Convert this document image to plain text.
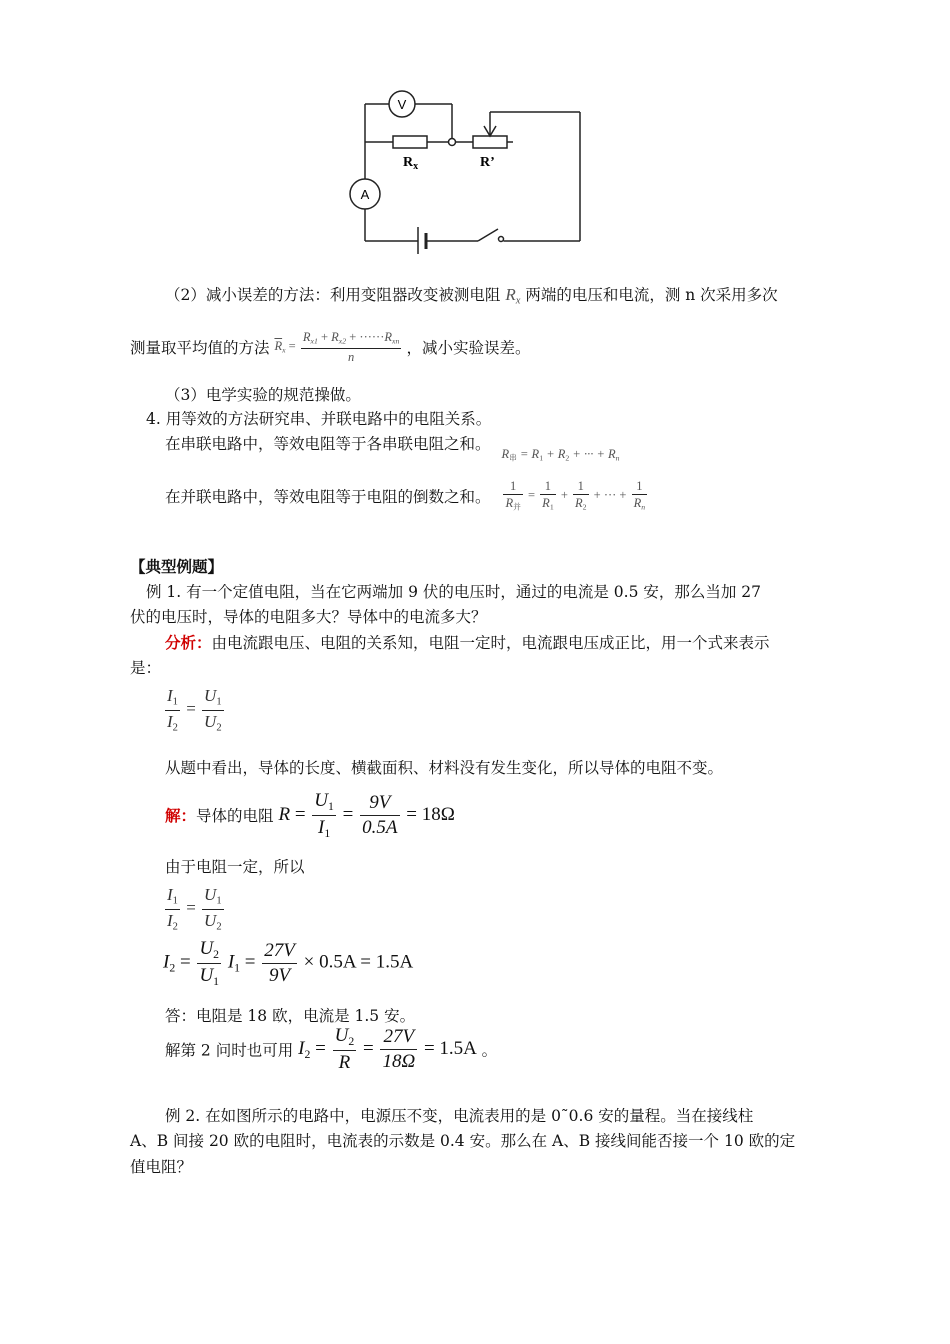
V
A
$R_x$	R’
（2）减小误差的方法：利用变阻器改变被测电阻 $R_x$ 两端的电压和电流，测 n 次采用多次
测量取平均值的方法 $\overline{R}_x = \frac{R_{x1} + R_{x2} + \cdot\cdot\cdot\cdot\cdot\cdot R_{xn}}{n}$ ，减小实验误差。
（3）电学实验的规范操做。
4. 用等效的方法研究串、并联电路中的电阻关系。
在串联电路中，等效电阻等于各串联电阻之和。 $_{R_串 = R_1 + R_2 + \cdot\cdot\cdot + R_n}$
在并联电路中，等效电阻等于电阻的倒数之和。 $\frac{1}{R_并} = \frac{1}{R_1} + \frac{1}{R_2}$ + ··· + $\frac{1}{R_n}$
【典型例题】
例 1. 有一个定值电阻，当在它两端加 9 伏的电压时，通过的电流是 0.5 安，那么当加 27
伏的电压时，导体的电阻多大？导体中的电流多大？
分析：由电流跟电压、电阻的关系知，电阻一定时，电流跟电压成正比，用一个式来表示
是：
$\frac{I_1}{I_2} = \frac{U_1}{U_2}$
从题中看出，导体的长度、横截面积、材料没有发生变化，所以导体的电阻不变。
解：导体的电阻 $R = \frac{U_1}{I_1} = \frac{9V}{0.5A} = 18\Omega$
由于电阻一定，所以
$\frac{I_1}{I_2} = \frac{U_1}{U_2}$
$I_2 = \frac{U_2}{U_1} I_1 = \frac{27V}{9V} \times 0.5A = 1.5A$
答：电阻是 18 欧，电流是 1.5 安。
解第 2 问时也可用 $I_2 = \frac{U_2}{R} = \frac{27V}{18\Omega} = 1.5A$ 。
例 2. 在如图所示的电路中，电源压不变，电流表用的是 0˜0.6 安的量程。当在接线柱
A、B 间接 20 欧的电阻时，电流表的示数是 0.4 安。那么在 A、B 接线间能否接一个 10 欧的定
值电阻？
